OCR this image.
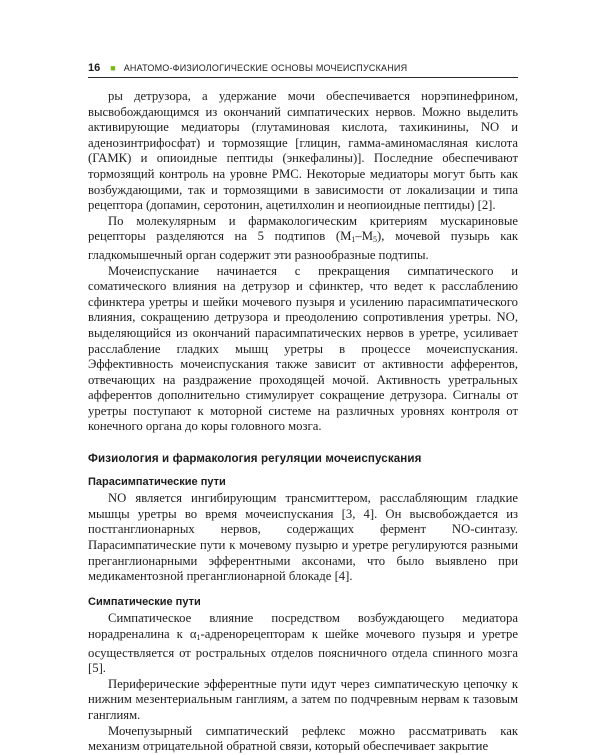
16 ■ АНАТОМО-ФИЗИОЛОГИЧЕСКИЕ ОСНОВЫ МОЧЕИСПУСКАНИЯ

ры детрузора, а удержание мочи обеспечивается норэпинефрином, высвобождающимся из окончаний симпатических нервов. Можно выделить активирующие медиаторы (глутаминовая кислота, тахикинины, NO и аденозинтрифосфат) и тормозящие [глицин, гамма-аминомасляная кислота (ГАМК) и опиоидные пептиды (энкефалины)]. Последние обеспечивают тормозящий контроль на уровне PMC. Некоторые медиаторы могут быть как возбуждающими, так и тормозящими в зависимости от локализации и типа рецептора (допамин, серотонин, ацетилхолин и неопиоидные пептиды) [2].

По молекулярным и фармакологическим критериям мускариновые рецепторы разделяются на 5 подтипов $(M_1-M_5)$, мочевой пузырь как гладкомышечный орган содержит эти разнообразные подтипы.

Мочеиспускание начинается с прекращения симпатического и соматического влияния на детрузор и сфинктер, что ведет к расслаблению сфинктера уретры и шейки мочевого пузыря и усилению парасимпатического влияния, сокращению детрузора и преодолению сопротивления уретры. NO, выделяющийся из окончаний парасимпатических нервов в уретре, усиливает расслабление гладких мышц уретры в процессе мочеиспускания. Эффективность мочеиспускания также зависит от активности афферентов, отвечающих на раздражение проходящей мочой. Активность уретральных афферентов дополнительно стимулирует сокращение детрузора. Сигналы от уретры поступают к моторной системе на различных уровнях контроля от конечного органа до коры головного мозга.

Физиология и фармакология регуляции мочеиспускания
Парасимпатические пути

NO является ингибирующим трансмиттером, расслабляющим гладкие мышцы уретры во время мочеиспускания [3, 4]. Он высвобождается из постганглионарных нервов, содержащих фермент NO-синтазу. Парасимпатические пути к мочевому пузырю и уретре регулируются разными преганглионарными эфферентными аксонами, что было выявлено при медикаментозной преганглионарной блокаде [4].

Симпатические пути

Симпатическое влияние посредством возбуждающего медиатора норадреналина к $\alpha_1$-адренорецепторам к шейке мочевого пузыря и уретре осуществляется от ростральных отделов поясничного отдела спинного мозга [5].

Периферические эфферентные пути идут через симпатическую цепочку к нижним мезентериальным ганглиям, а затем по подчревным нервам к тазовым ганглиям.

Мочепузырный симпатический рефлекс можно рассматривать как механизм отрицательной обратной связи, который обеспечивает закрытие
